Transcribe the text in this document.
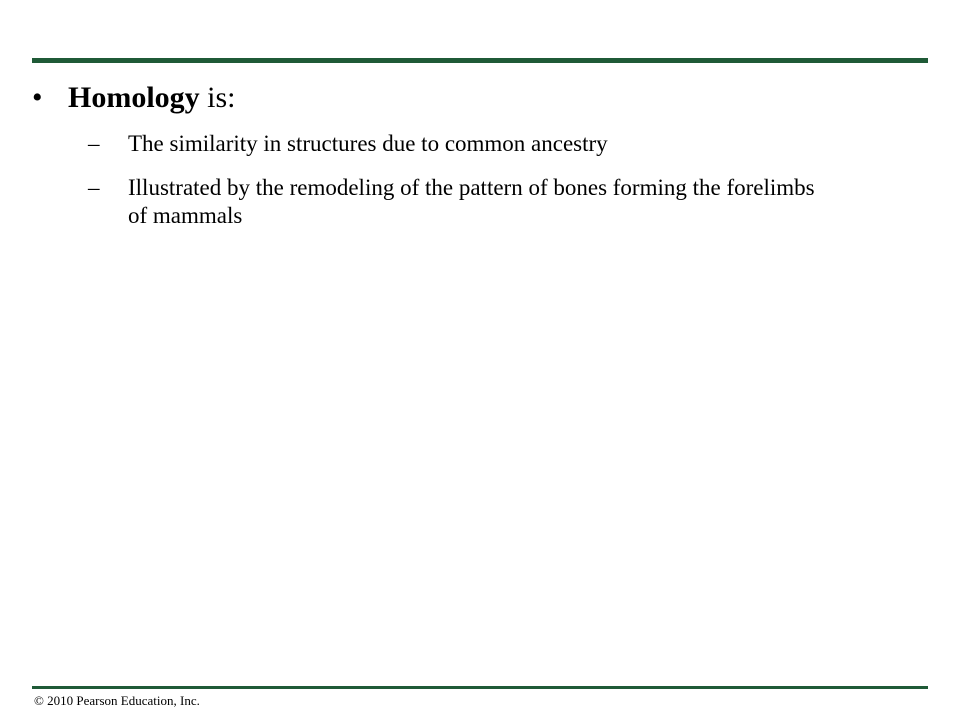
• Homology is:
– The similarity in structures due to common ancestry
– Illustrated by the remodeling of the pattern of bones forming the forelimbs of mammals
© 2010 Pearson Education, Inc.
